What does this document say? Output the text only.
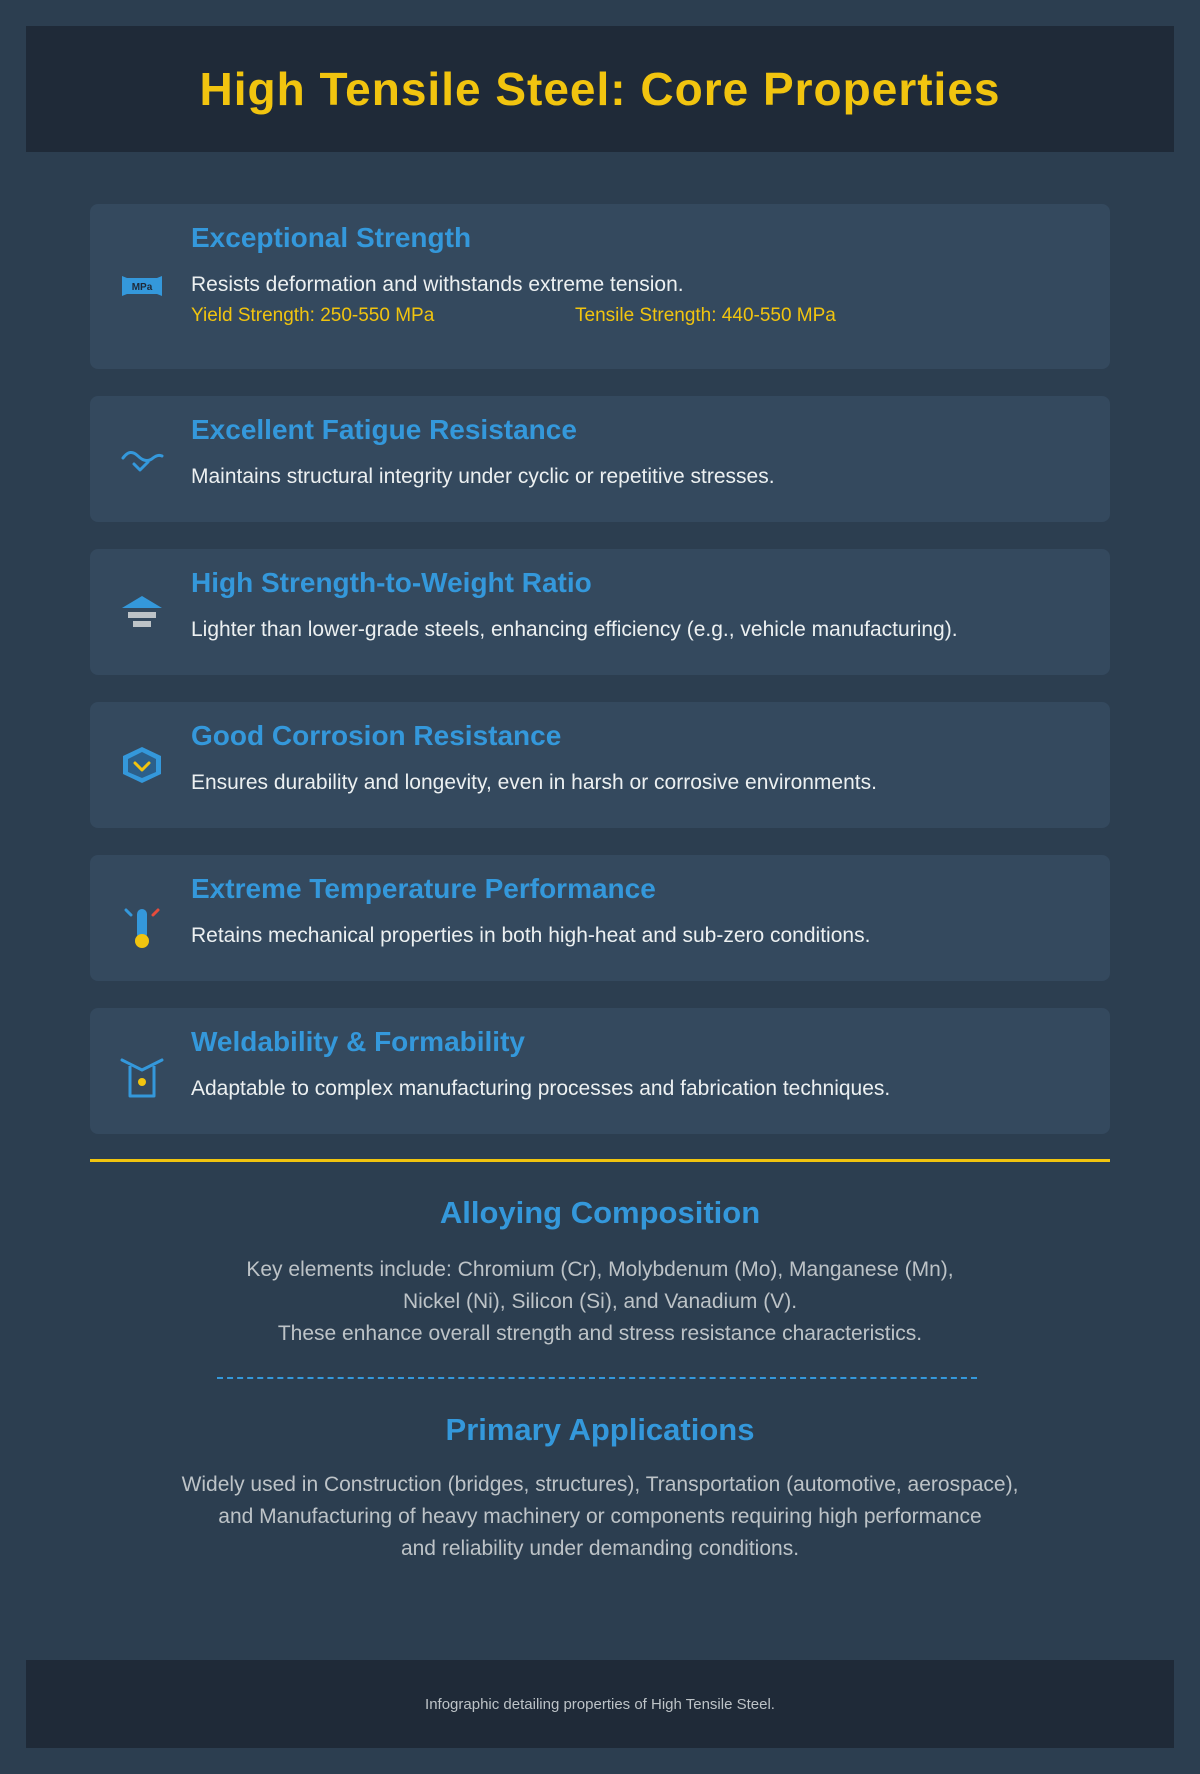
High Tensile Steel: Core Properties
MPa
Exceptional Strength

Resists deformation and withstands extreme tension.

Yield Strength: 250-550 MPa	Tensile Strength: 440-550 MPa
Excellent Fatigue Resistance

Maintains structural integrity under cyclic or repetitive stresses.

High Strength-to-Weight Ratio

Lighter than lower-grade steels, enhancing efficiency (e.g., vehicle manufacturing).

Good Corrosion Resistance

Ensures durability and longevity, even in harsh or corrosive environments.

Extreme Temperature Performance

Retains mechanical properties in both high-heat and sub-zero conditions.

Weldability & Formability

Adaptable to complex manufacturing processes and fabrication techniques.

Alloying Composition
Key elements include: Chromium (Cr), Molybdenum (Mo), Manganese (Mn),
Nickel (Ni), Silicon (Si), and Vanadium (V).
These enhance overall strength and stress resistance characteristics.
Primary Applications
Widely used in Construction (bridges, structures), Transportation (automotive, aerospace),
and Manufacturing of heavy machinery or components requiring high performance
and reliability under demanding conditions.
Infographic detailing properties of High Tensile Steel.
